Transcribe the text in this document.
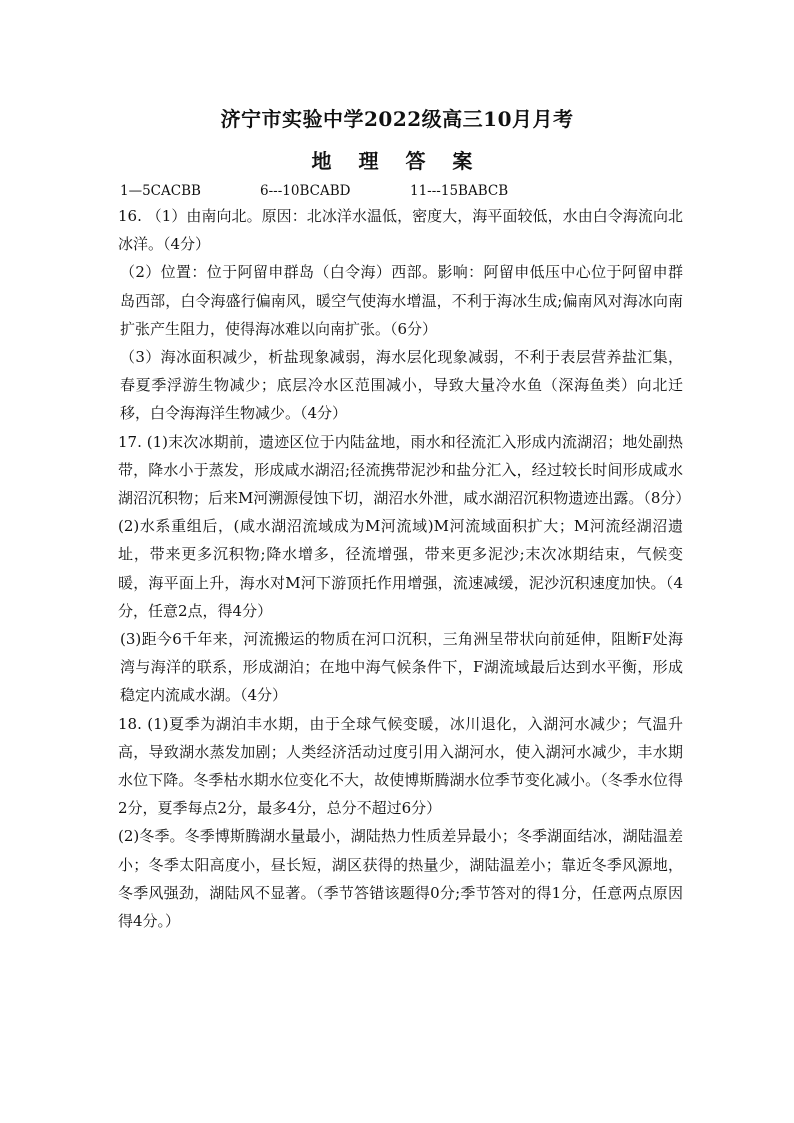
济宁市实验中学2022级高三10月月考
地 理 答 案
1—5CACBB	6---10BCABD	11---15BABCB

16. （1）由南向北。原因：北冰洋水温低，密度大，海平面较低，水由白令海流向北冰洋。（4分）

（2）位置：位于阿留申群岛（白令海）西部。影响：阿留申低压中心位于阿留申群岛西部，白令海盛行偏南风，暖空气使海水增温，不利于海冰生成;偏南风对海冰向南扩张产生阻力，使得海冰难以向南扩张。（6分）

（3）海冰面积减少，析盐现象减弱，海水层化现象减弱，不利于表层营养盐汇集，春夏季浮游生物减少；底层冷水区范围减小，导致大量冷水鱼（深海鱼类）向北迁移，白令海海洋生物减少。（4分）

17. (1)末次冰期前，遗迹区位于内陆盆地，雨水和径流汇入形成内流湖沼；地处副热带，降水小于蒸发，形成咸水湖沼;径流携带泥沙和盐分汇入，经过较长时间形成咸水湖沼沉积物；后来M河溯源侵蚀下切，湖沼水外泄，咸水湖沼沉积物遗迹出露。（8分）

(2)水系重组后，(咸水湖沼流域成为M河流域)M河流域面积扩大；M河流经湖沼遗址，带来更多沉积物;降水增多，径流增强，带来更多泥沙;末次冰期结束，气候变暖，海平面上升，海水对M河下游顶托作用增强，流速减缓，泥沙沉积速度加快。（4分，任意2点，得4分）

(3)距今6千年来，河流搬运的物质在河口沉积，三角洲呈带状向前延伸，阻断F处海湾与海洋的联系，形成湖泊；在地中海气候条件下，F湖流域最后达到水平衡，形成稳定内流咸水湖。（4分）

18. (1)夏季为湖泊丰水期，由于全球气候变暖，冰川退化，入湖河水减少；气温升高，导致湖水蒸发加剧；人类经济活动过度引用入湖河水，使入湖河水减少，丰水期水位下降。冬季枯水期水位变化不大，故使博斯腾湖水位季节变化减小。（冬季水位得2分，夏季每点2分，最多4分，总分不超过6分）

(2)冬季。冬季博斯腾湖水量最小，湖陆热力性质差异最小；冬季湖面结冰，湖陆温差小；冬季太阳高度小，昼长短，湖区获得的热量少，湖陆温差小；靠近冬季风源地，冬季风强劲，湖陆风不显著。（季节答错该题得0分;季节答对的得1分，任意两点原因得4分。）
